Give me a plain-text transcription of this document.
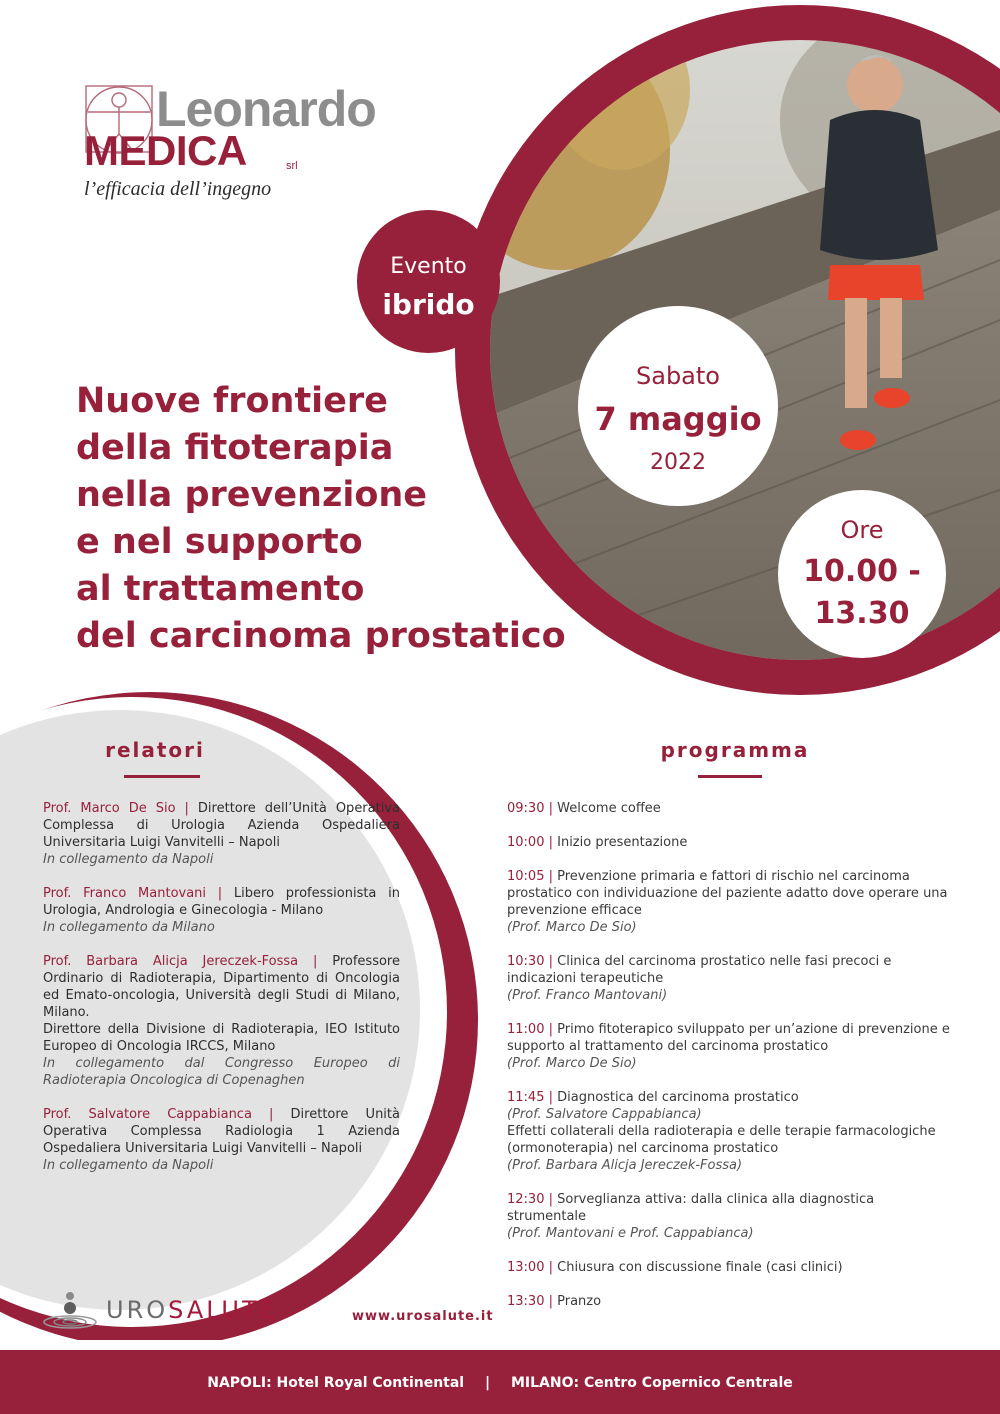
Leonardo
MEDICA	srl
l’efficacia dell’ingegno
Evento
ibrido
Sabato
7 maggio
2022
Ore
10.00 -
13.30
Nuove frontiere
della fitoterapia
nella prevenzione
e nel supporto
al trattamento
del carcinoma prostatico
relatori	programma
Prof. Marco De Sio | Direttore dell’Unità Operativa Complessa di Urologia Azienda Ospedaliera Universitaria Luigi Vanvitelli – Napoli
In collegamento da Napoli
Prof. Franco Mantovani | Libero professionista in Urologia, Andrologia e Ginecologia - Milano
In collegamento da Milano
Prof. Barbara Alicja Jereczek-Fossa | Professore Ordinario di Radioterapia, Dipartimento di Oncologia ed Emato-oncologia, Università degli Studi di Milano, Milano.
Direttore della Divisione di Radioterapia, IEO Istituto Europeo di Oncologia IRCCS, Milano
In collegamento dal Congresso Europeo di Radioterapia Oncologica di Copenaghen
Prof. Salvatore Cappabianca | Direttore Unità Operativa Complessa Radiologia 1 Azienda Ospedaliera Universitaria Luigi Vanvitelli – Napoli
In collegamento da Napoli
09:30 | Welcome coffee
10:00 | Inizio presentazione
10:05 | Prevenzione primaria e fattori di rischio nel carcinoma prostatico con individuazione del paziente adatto dove operare una prevenzione efficace
(Prof. Marco De Sio)
10:30 | Clinica del carcinoma prostatico nelle fasi precoci e indicazioni terapeutiche
(Prof. Franco Mantovani)
11:00 | Primo fitoterapico sviluppato per un’azione di prevenzione e supporto al trattamento del carcinoma prostatico
(Prof. Marco De Sio)
11:45 | Diagnostica del carcinoma prostatico
(Prof. Salvatore Cappabianca)
Effetti collaterali della radioterapia e delle terapie farmacologiche (ormonoterapia) nel carcinoma prostatico
(Prof. Barbara Alicja Jereczek-Fossa)
12:30 | Sorveglianza attiva: dalla clinica alla diagnostica strumentale
(Prof. Mantovani e Prof. Cappabianca)
13:00 | Chiusura con discussione finale (casi clinici)
13:30 | Pranzo
UROSALUTE	www.urosalute.it
NAPOLI: Hotel Royal Continental | MILANO: Centro Copernico Centrale
